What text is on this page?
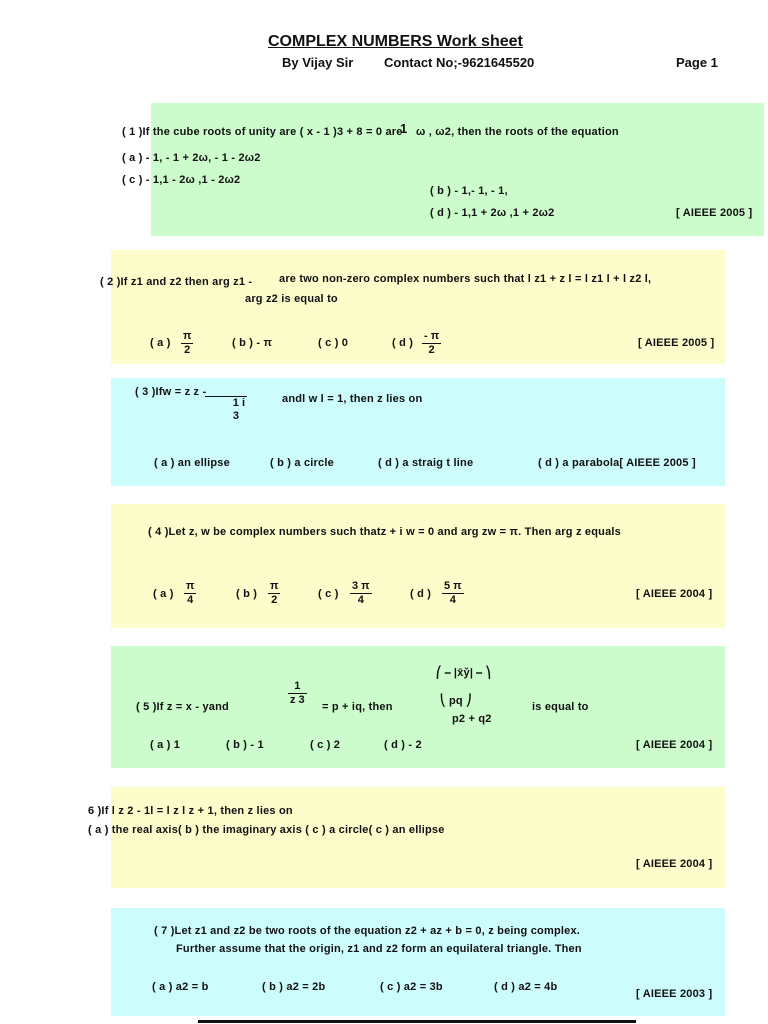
COMPLEX NUMBERS Work sheet
By Vijay Sir Contact No;-9621645520	Page 1
( 1 )If the cube roots of unity are ( x - 1 )3 + 8 = 0 are
1 ω , ω2, then the roots of the equation
( a ) - 1, - 1 + 2ω, - 1 - 2ω2
( c ) - 1,1 - 2ω ,1 - 2ω2
( b ) - 1,- 1, - 1,
( d ) - 1,1 + 2ω ,1 + 2ω2	[ AIEEE 2005 ]
( 2 )If z1 and z2 then arg z1 - are two non-zero complex numbers such that l z1 + z l = l z1 l + l z2 l,
arg z2 is equal to
( a ) $\frac{\pi}{2}$	( b ) - π	( c ) 0	( d ) $\frac{- \pi}{2}$	[ AIEEE 2005 ]
( 3 )Ifw = z z -
1 i
3
andl w l = 1, then z lies on
( a ) an ellipse	( b ) a circle	( d ) a straig t line	( d ) a parabola[ AIEEE 2005 ]
( 4 )Let z, w be complex numbers such thatz + i w = 0 and arg zw = π. Then arg z equals
( a ) $\frac{\pi}{4}$	( b ) $\frac{\pi}{2}$	( c ) $\frac{3 \pi}{4}$	( d ) $\frac{5 \pi}{4}$	[ AIEEE 2004 ]
( 5 )If z = x - yand	$\frac{1}{z 3} = p$ + iq, then
⎛ ⎯ |x̄y̌| ⎯ ⎞
⎝ pq ⎠
p2 + q2
is equal to
( a ) 1	( b ) - 1	( c ) 2	( d ) - 2	[ AIEEE 2004 ]
6 )If l z 2 - 1l = l z l z + 1, then z lies on
( a ) the real axis( b ) the imaginary axis ( c ) a circle( c ) an ellipse
[ AIEEE 2004 ]
( 7 )Let z1 and z2 be two roots of the equation z2 + az + b = 0, z being complex.
Further assume that the origin, z1 and z2 form an equilateral triangle. Then
( a ) a2 = b	( b ) a2 = 2b	( c ) a2 = 3b	( d ) a2 = 4b
[ AIEEE 2003 ]
